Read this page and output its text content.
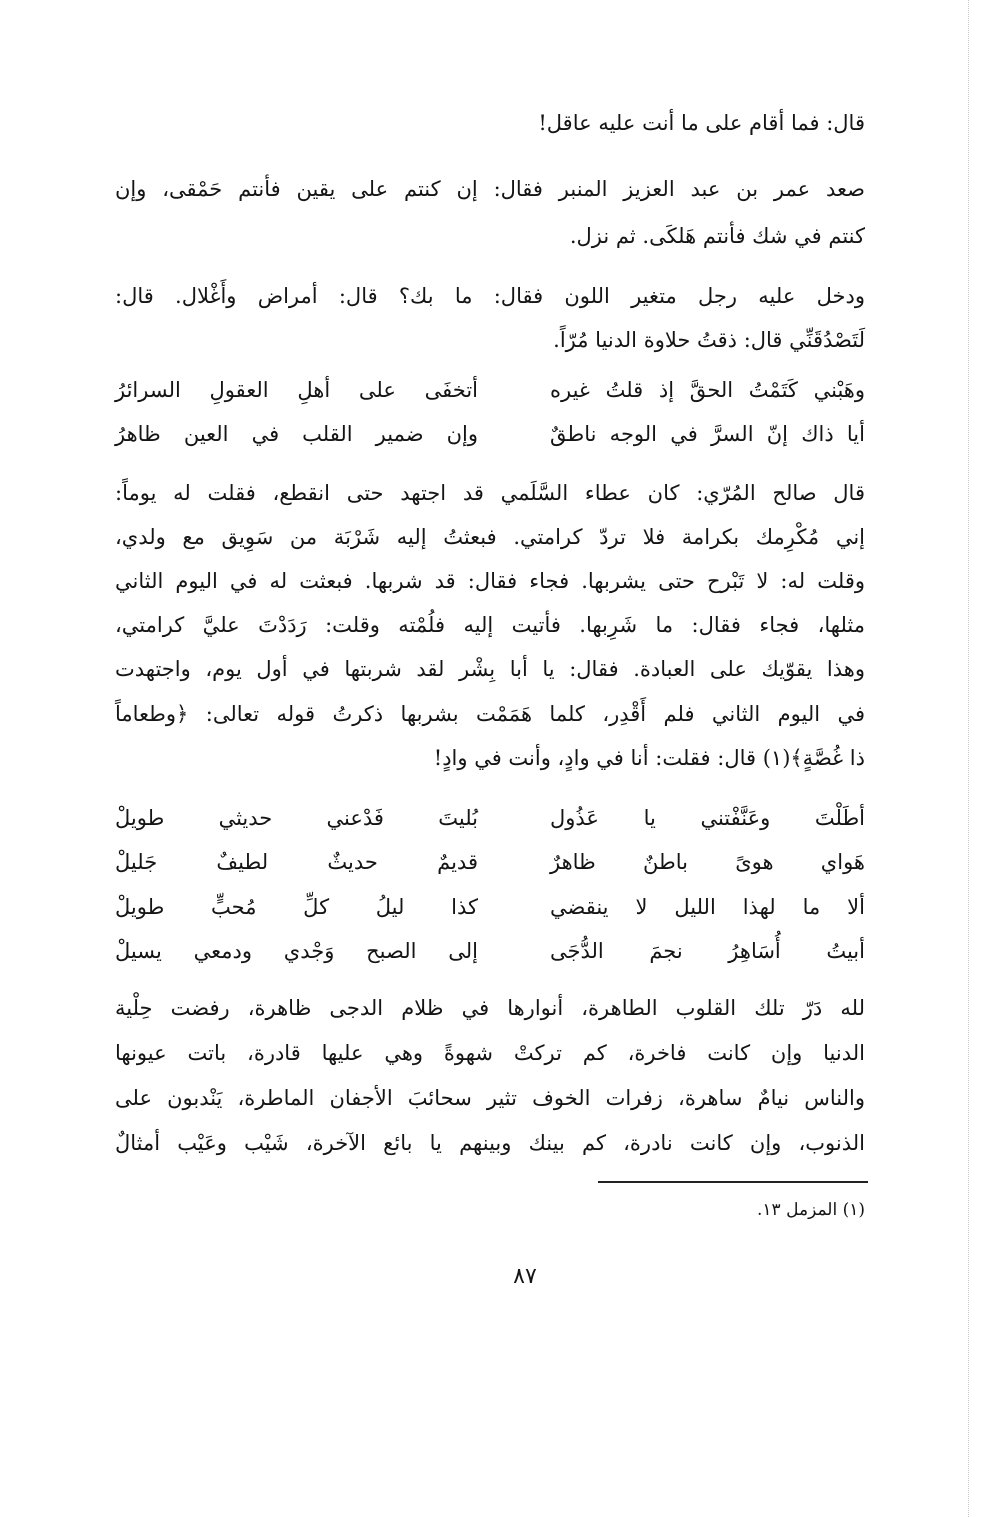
قال: فما أقام على ما أنت عليه عاقل!
صعد عمر بن عبد العزيز المنبر فقال: إن كنتم على يقين فأنتم حَمْقى، وإن
كنتم في شك فأنتم هَلكَى. ثم نزل.
ودخل عليه رجل متغير اللون فقال: ما بك؟ قال: أمراض وأَغْلال. قال:
لَتَصْدُقَنِّي قال: ذقتُ حلاوة الدنيا مُرّاً.
وهَبْني كَتَمْتُ الحقَّ إذ قلتُ غيره
أتخفَى على أهلِ العقولِ السرائرُ
أيا ذاك إنّ السرَّ في الوجه ناطقٌ
وإن ضمير القلب في العين ظاهرُ
قال صالح المُرّي: كان عطاء السَّلَمي قد اجتهد حتى انقطع، فقلت له يوماً:
إني مُكْرِمك بكرامة فلا تردّ كرامتي. فبعثتُ إليه شَرْبَة من سَوِيق مع ولدي،
وقلت له: لا تَبْرح حتى يشربها. فجاء فقال: قد شربها. فبعثت له في اليوم الثاني
مثلها، فجاء فقال: ما شَرِبها. فأتيت إليه فلُمْته وقلت: رَدَدْتَ عليَّ كرامتي،
وهذا يقوّيك على العبادة. فقال: يا أبا بِشْر لقد شربتها في أول يوم، واجتهدت
في اليوم الثاني فلم أَقْدِر، كلما هَمَمْت بشربها ذكرتُ قوله تعالى: ﴿وطعاماً
ذا غُصَّةٍ﴾(١) قال: فقلت: أنا في وادٍ، وأنت في وادٍ!
أطَلْتَ وعَنَّفْتني يا عَذُول
بُليتَ فَدْعني حديثي طويلْ
هَواي هوىً باطنٌ ظاهرٌ
قديمٌ حديثٌ لطيفٌ جَليلْ
ألا ما لهذا الليل لا ينقضي
كذا ليلُ كلِّ مُحبٍّ طويلْ
أبيتُ أُسَاهِرُ نجمَ الدُّجَى
إلى الصبح وَجْدي ودمعي يسيلْ
لله دَرّ تلك القلوب الطاهرة، أنوارها في ظلام الدجى ظاهرة، رفضت حِلْية
الدنيا وإن كانت فاخرة، كم تركتْ شهوةً وهي عليها قادرة، باتت عيونها
والناس نيامٌ ساهرة، زفرات الخوف تثير سحائبَ الأجفان الماطرة، يَنْدبون على
الذنوب، وإن كانت نادرة، كم بينك وبينهم يا بائع الآخرة، شَيْب وعَيْب أمثالٌ
(١) المزمل ١٣.
٨٧
